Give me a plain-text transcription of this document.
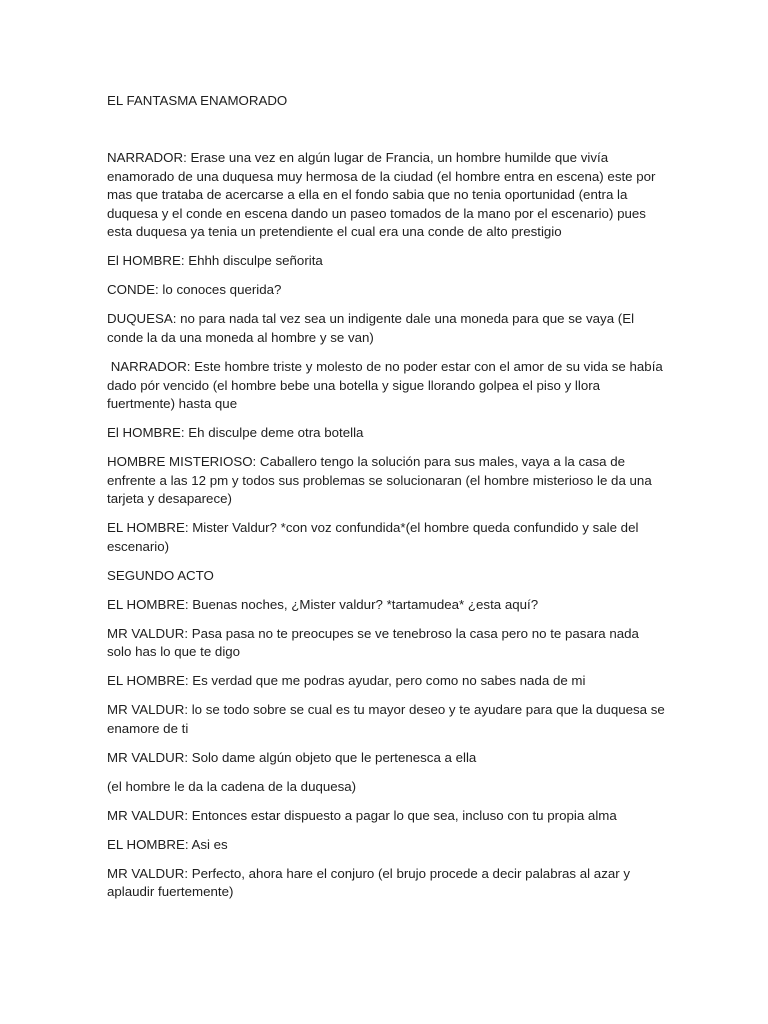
EL FANTASMA ENAMORADO

NARRADOR: Erase una vez en algún lugar de Francia, un hombre humilde que vivía enamorado de una duquesa muy hermosa de la ciudad (el hombre entra en escena) este por mas que trataba de acercarse a ella en el fondo sabia que no tenia oportunidad (entra la duquesa y el conde en escena dando un paseo tomados de la mano por el escenario) pues esta duquesa ya tenia un pretendiente el cual era una conde de alto prestigio

El HOMBRE: Ehhh disculpe señorita

CONDE: lo conoces querida?

DUQUESA: no para nada tal vez sea un indigente dale una moneda para que se vaya (El conde la da una moneda al hombre y se van)

NARRADOR: Este hombre triste y molesto de no poder estar con el amor de su vida se había dado pór vencido (el hombre bebe una botella y sigue llorando golpea el piso y llora fuertmente) hasta que

El HOMBRE: Eh disculpe deme otra botella

HOMBRE MISTERIOSO: Caballero tengo la solución para sus males, vaya a la casa de enfrente a las 12 pm y todos sus problemas se solucionaran (el hombre misterioso le da una tarjeta y desaparece)

EL HOMBRE: Mister Valdur? *con voz confundida*(el hombre queda confundido y sale del escenario)

SEGUNDO ACTO

EL HOMBRE: Buenas noches, ¿Mister valdur? *tartamudea* ¿esta aquí?

MR VALDUR: Pasa pasa no te preocupes se ve tenebroso la casa pero no te pasara nada solo has lo que te digo

EL HOMBRE: Es verdad que me podras ayudar, pero como no sabes nada de mi

MR VALDUR: lo se todo sobre se cual es tu mayor deseo y te ayudare para que la duquesa se enamore de ti

MR VALDUR: Solo dame algún objeto que le pertenesca a ella

(el hombre le da la cadena de la duquesa)

MR VALDUR: Entonces estar dispuesto a pagar lo que sea, incluso con tu propia alma

EL HOMBRE: Asi es

MR VALDUR: Perfecto, ahora hare el conjuro (el brujo procede a decir palabras al azar y aplaudir fuertemente)
